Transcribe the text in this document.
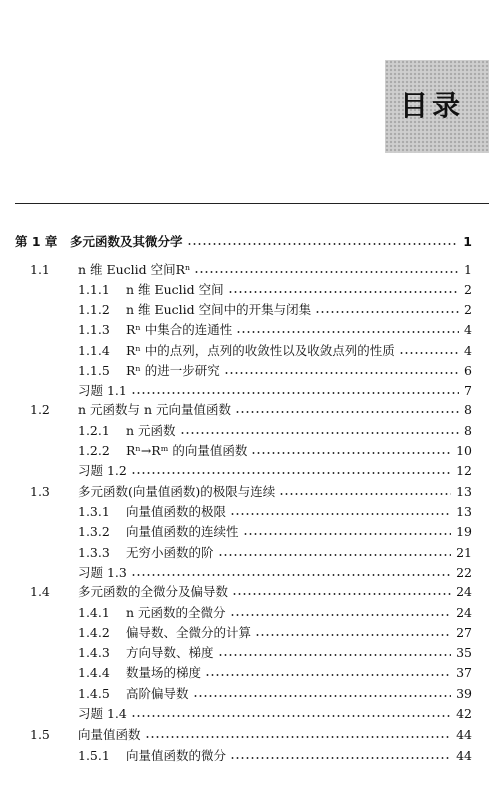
目录
第 1 章 多元函数及其微分学	1
1.1 n 维 Euclid 空间Rⁿ	1
1.1.1 n 维 Euclid 空间	2
1.1.2 n 维 Euclid 空间中的开集与闭集	2
1.1.3 Rⁿ 中集合的连通性	4
1.1.4 Rⁿ 中的点列，点列的收敛性以及收敛点列的性质	4
1.1.5 Rⁿ 的进一步研究	6
习题 1.1	7
1.2 n 元函数与 n 元向量值函数	8
1.2.1 n 元函数	8
1.2.2 Rⁿ→Rᵐ 的向量值函数	10
习题 1.2	12
1.3 多元函数(向量值函数)的极限与连续	13
1.3.1 向量值函数的极限	13
1.3.2 向量值函数的连续性	19
1.3.3 无穷小函数的阶	21
习题 1.3	22
1.4 多元函数的全微分及偏导数	24
1.4.1 n 元函数的全微分	24
1.4.2 偏导数、全微分的计算	27
1.4.3 方向导数、梯度	35
1.4.4 数量场的梯度	37
1.4.5 高阶偏导数	39
习题 1.4	42
1.5 向量值函数	44
1.5.1 向量值函数的微分	44
